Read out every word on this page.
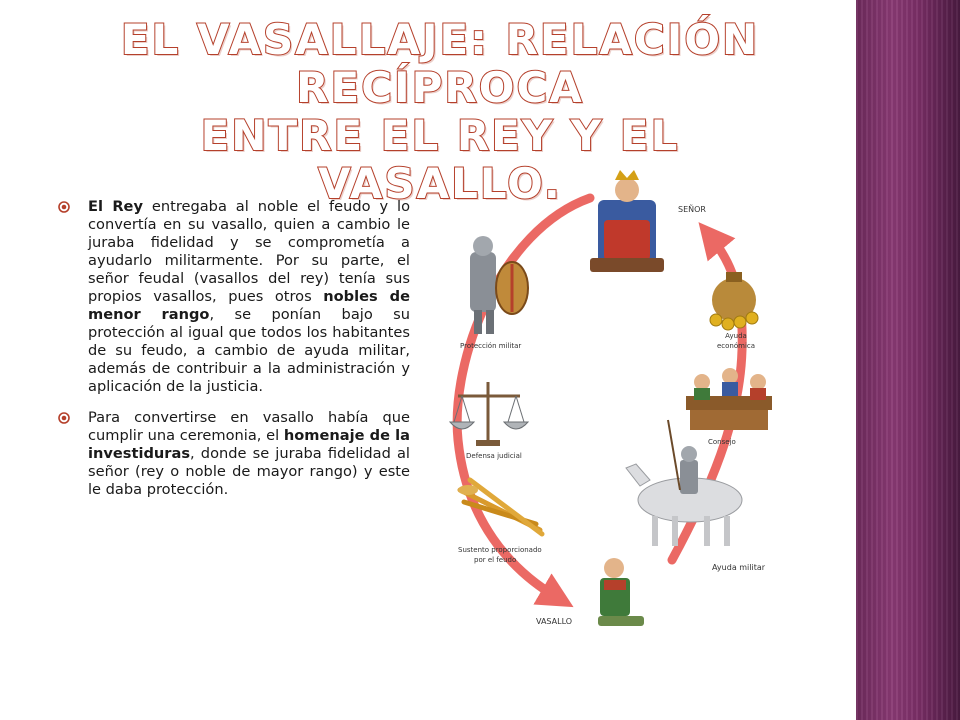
EL VASALLAJE: RELACIÓN RECÍPROCA
ENTRE EL REY Y EL VASALLO.
El Rey entregaba al noble el feudo y lo convertía en su vasallo, quien a cambio le juraba fidelidad y se comprometía a ayudarlo militarmente. Por su parte, el señor feudal (vasallos del rey) tenía sus propios vasallos, pues otros nobles de menor rango, se ponían bajo su protección al igual que todos los habitantes de su feudo, a cambio de ayuda militar, además de contribuir a la administración y aplicación de la justicia.
Para convertirse en vasallo había que cumplir una ceremonia, el homenaje de la investiduras, donde se juraba fidelidad al señor (rey o noble de mayor rango) y este le daba protección.
SEÑOR
Protección militar
Defensa judicial
Sustento proporcionado
por el feudo
Ayuda
económica
Consejo
Ayuda militar
VASALLO
